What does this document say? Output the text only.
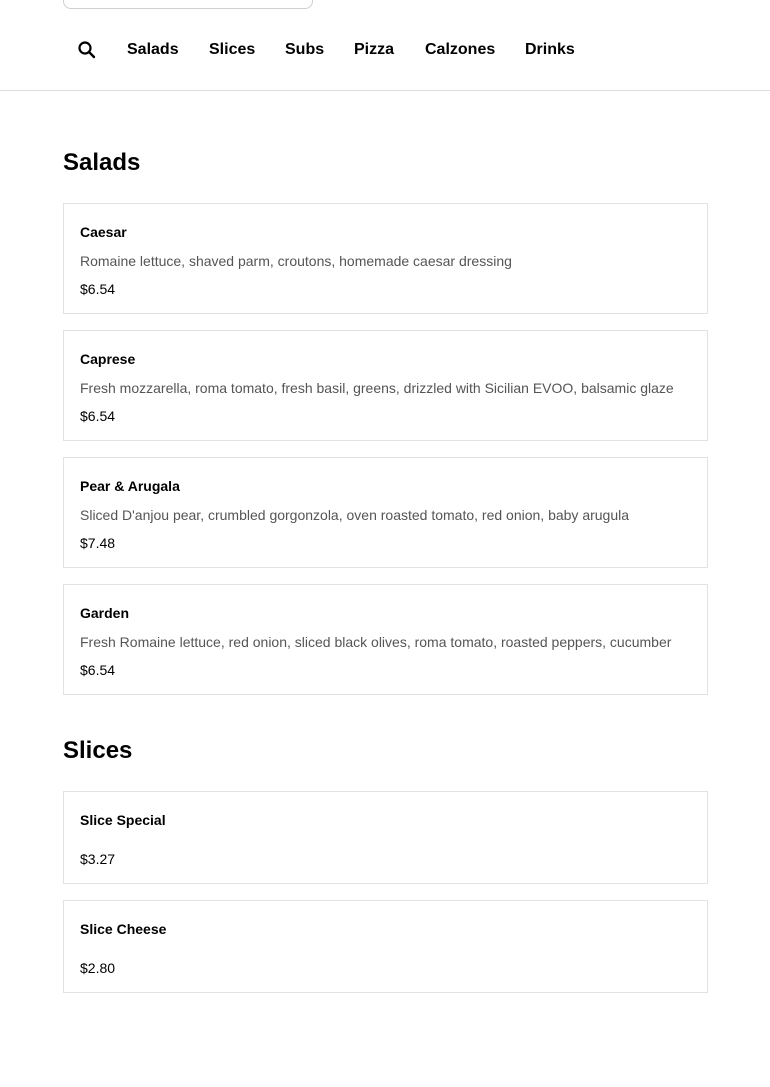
Salads Slices Subs Pizza Calzones Drinks
Salads
Caesar
Romaine lettuce, shaved parm, croutons, homemade caesar dressing
$6.54
Caprese
Fresh mozzarella, roma tomato, fresh basil, greens, drizzled with Sicilian EVOO, balsamic glaze
$6.54
Pear & Arugala
Sliced D'anjou pear, crumbled gorgonzola, oven roasted tomato, red onion, baby arugula
$7.48
Garden
Fresh Romaine lettuce, red onion, sliced black olives, roma tomato, roasted peppers, cucumber
$6.54
Slices
Slice Special
$3.27
Slice Cheese
$2.80
